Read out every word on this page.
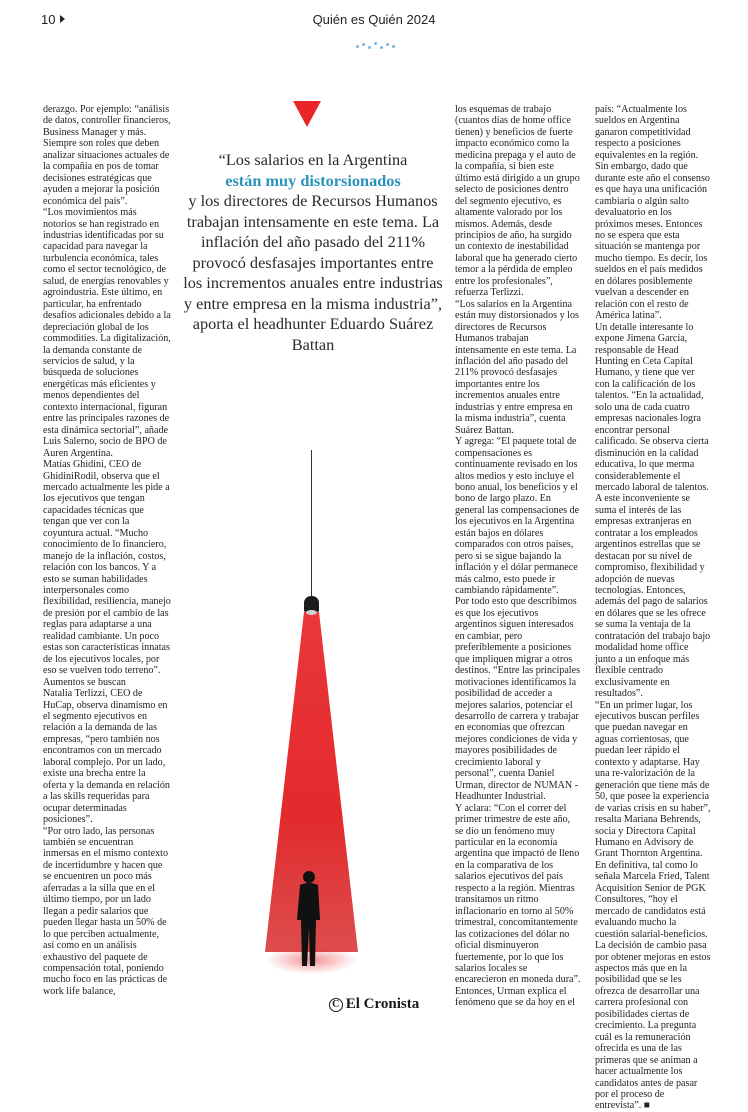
10	Quién es Quién 2024

derazgo. Por ejemplo: “análisis de datos, controller financieros, Business Manager y más. Siempre son roles que deben analizar situaciones actuales de la compañía en pos de tomar decisiones estratégicas que ayuden a mejorar la posición económica del país”.

“Los movimientos más notorios se han registrado en industrias identificadas por su capacidad para navegar la turbulencia económica, tales como el sector tecnológico, de salud, de energías renovables y agroindustria. Este último, en particular, ha enfrentado desafíos adicionales debido a la depreciación global de los commodities. La digitalización, la demanda constante de servicios de salud, y la búsqueda de soluciones energéticas más eficientes y menos dependientes del contexto internacional, figuran entre las principales razones de esta dinámica sectorial”, añade Luis Salerno, socio de BPO de Auren Argentina.

Matías Ghidini, CEO de GhidiniRodil, observa que el mercado actualmente les pide a los ejecutivos que tengan capacidades técnicas que tengan que ver con la coyuntura actual. “Mucho conocimiento de lo financiero, manejo de la inflación, costos, relación con los bancos. Y a esto se suman habilidades interpersonales como flexibilidad, resiliencia, manejo de presión por el cambio de las reglas para adaptarse a una realidad cambiante. Un poco estas son características innatas de los ejecutivos locales, por eso se vuelven todo terreno”.

Aumentos se buscan

Natalia Terlizzi, CEO de HuCap, observa dinamismo en el segmento ejecutivos en relación a la demanda de las empresas, “pero también nos encontramos con un mercado laboral complejo. Por un lado, existe una brecha entre la oferta y la demanda en relación a las skills requeridas para ocupar determinadas posiciones”.

“Por otro lado, las personas también se encuentran inmersas en el mismo contexto de incertidumbre y hacen que se encuentren un poco más aferradas a la silla que en el último tiempo, por un lado llegan a pedir salarios que pueden llegar hasta un 50% de lo que perciben actualmente, así como en un análisis exhaustivo del paquete de compensación total, poniendo mucho foco en las prácticas de work life balance,

“Los salarios en la Argentina
están muy distorsionados
y los directores de Recursos Humanos trabajan intensamente en este tema. La inflación del año pasado del 211% provocó desfasajes importantes entre los incrementos anuales entre industrias y entre empresa en la misma industria”, aporta el headhunter Eduardo Suárez Battan

los esquemas de trabajo (cuantos días de home office tienen) y beneficios de fuerte impacto económico como la medicina prepaga y el auto de la compañía, si bien este último está dirigido a un grupo selecto de posiciones dentro del segmento ejecutivo, es altamente valorado por los mismos. Además, desde principios de año, ha surgido un contexto de inestabilidad laboral que ha generado cierto temor a la pérdida de empleo entre los profesionales”, refuerza Terlizzi.

“Los salarios en la Argentina están muy distorsionados y los directores de Recursos Humanos trabajan intensamente en este tema. La inflación del año pasado del 211% provocó desfasajes importantes entre los incrementos anuales entre industrias y entre empresa en la misma industria”, cuenta Suárez Battan.

Y agrega: “El paquete total de compensaciones es continuamente revisado en los altos medios y esto incluye el bono anual, los beneficios y el bono de largo plazo. En general las compensaciones de los ejecutivos en la Argentina están bajos en dólares comparados con otros países, pero si se sigue bajando la inflación y el dólar permanece más calmo, esto puede ir cambiando rápidamente”.

Por todo esto que describimos es que los ejecutivos argentinos siguen interesados en cambiar, pero preferiblemente a posiciones que impliquen migrar a otros destinos. “Entre las principales motivaciones identificamos la posibilidad de acceder a mejores salarios, potenciar el desarrollo de carrera y trabajar en economías que ofrezcan mejores condiciones de vida y mayores posibilidades de crecimiento laboral y personal”, cuenta Daniel Urman, director de NUMAN - Headhunter Industrial.

Y aclara: “Con el correr del primer trimestre de este año, se dio un fenómeno muy particular en la economía argentina que impactó de lleno en la comparativa de los salarios ejecutivos del país respecto a la región. Mientras transitamos un ritmo inflacionario en torno al 50% trimestral, concomitantemente las cotizaciones del dólar no oficial disminuyeron fuertemente, por lo que los salarios locales se encarecieron en moneda dura”.

Entonces, Urman explica el fenómeno que se da hoy en el

país: “Actualmente los sueldos en Argentina ganaron competitividad respecto a posiciones equivalentes en la región. Sin embargo, dado que durante este año el consenso es que haya una unificación cambiaria o algún salto devaluatorio en los próximos meses. Entonces no se espera que esta situación se mantenga por mucho tiempo. Es decir, los sueldos en el país medidos en dólares posiblemente vuelvan a descender en relación con el resto de América latina”.

Un detalle interesante lo expone Jimena García, responsable de Head Hunting en Ceta Capital Humano, y tiene que ver con la calificación de los talentos. “En la actualidad, solo una de cada cuatro empresas nacionales logra encontrar personal calificado. Se observa cierta disminución en la calidad educativa, lo que merma considerablemente el mercado laboral de talentos. A este inconveniente se suma el interés de las empresas extranjeras en contratar a los empleados argentinos estrellas que se destacan por su nivel de compromiso, flexibilidad y adopción de nuevas tecnologías. Entonces, además del pago de salarios en dólares que se les ofrece se suma la ventaja de la contratación del trabajo bajo modalidad home office junto a un enfoque más flexible centrado exclusivamente en resultados”.

“En un primer lugar, los ejecutivos buscan perfiles que puedan navegar en aguas corrientosas, que puedan leer rápido el contexto y adaptarse. Hay una re-valorización de la generación que tiene más de 50, que posee la experiencia de varias crisis en su haber”, resalta Mariana Behrends, socia y Directora Capital Humano en Advisory de Grant Thornton Argentina.

En definitiva, tal como lo señala Marcela Fried, Talent Acquisition Senior de PGK Consultores, “hoy el mercado de candidatos está evaluando mucho la cuestión salarial-beneficios. La decisión de cambio pasa por obtener mejoras en estos aspectos más que en la posibilidad que se les ofrezca de desarrollar una carrera profesional con posibilidades ciertas de crecimiento. La pregunta cuál es la remuneración ofrecida es una de las primeras que se animan a hacer actualmente los candidatos antes de pasar por el proceso de entrevista”. ■

C El Cronista
